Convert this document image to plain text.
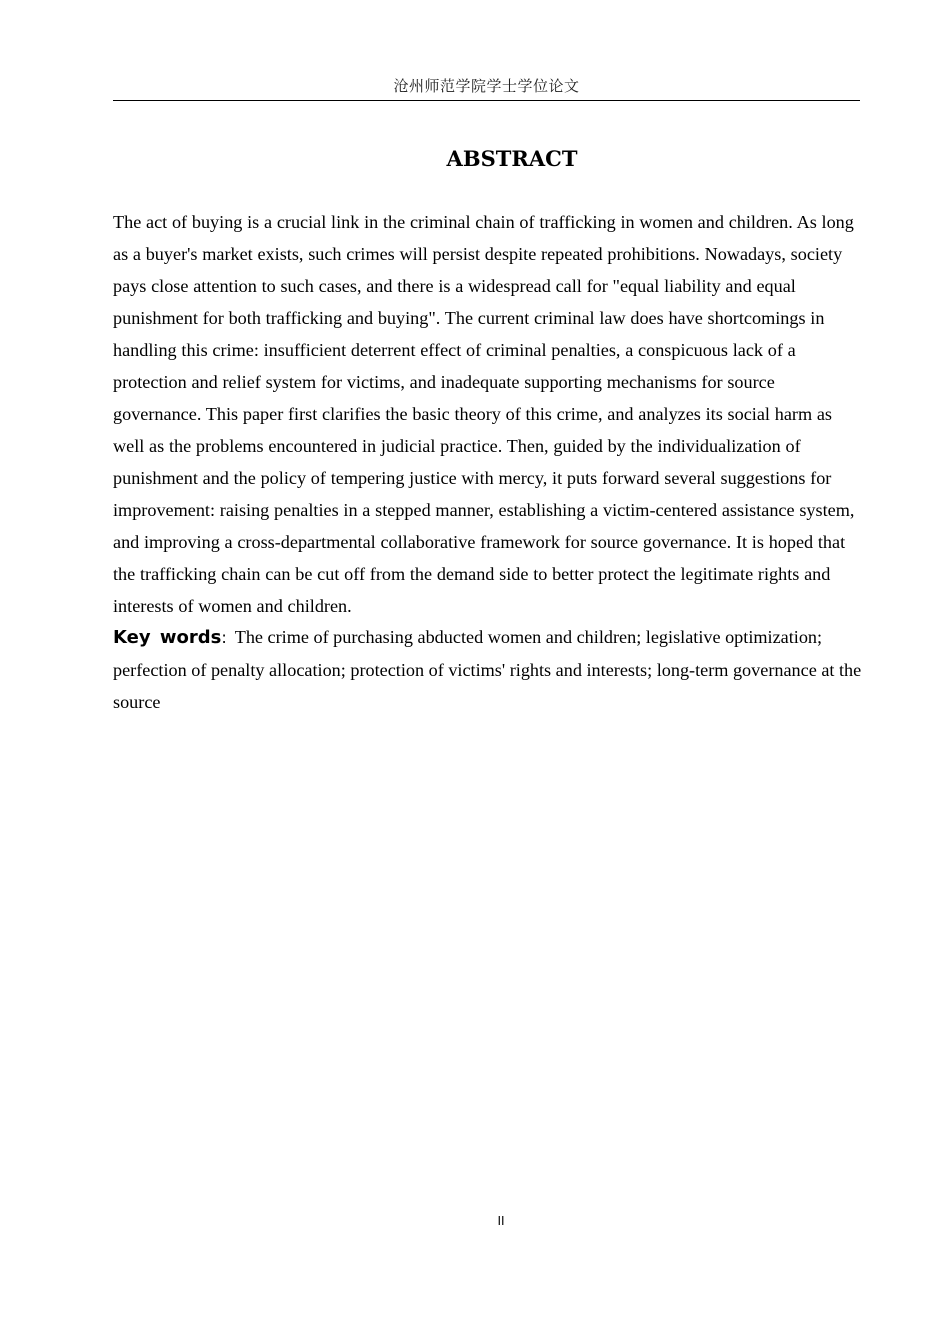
沧州师范学院学士学位论文
ABSTRACT

The act of buying is a crucial link in the criminal chain of trafficking in women and children. As long as a buyer's market exists, such crimes will persist despite repeated prohibitions. Nowadays, society pays close attention to such cases, and there is a widespread call for "equal liability and equal punishment for both trafficking and buying". The current criminal law does have shortcomings in handling this crime: insufficient deterrent effect of criminal penalties, a conspicuous lack of a protection and relief system for victims, and inadequate supporting mechanisms for source governance. This paper first clarifies the basic theory of this crime, and analyzes its social harm as well as the problems encountered in judicial practice. Then, guided by the individualization of punishment and the policy of tempering justice with mercy, it puts forward several suggestions for improvement: raising penalties in a stepped manner, establishing a victim-centered assistance system, and improving a cross-departmental collaborative framework for source governance. It is hoped that the trafficking chain can be cut off from the demand side to better protect the legitimate rights and interests of women and children.

Key words: The crime of purchasing abducted women and children; legislative optimization; perfection of penalty allocation; protection of victims' rights and interests; long-term governance at the source

II
